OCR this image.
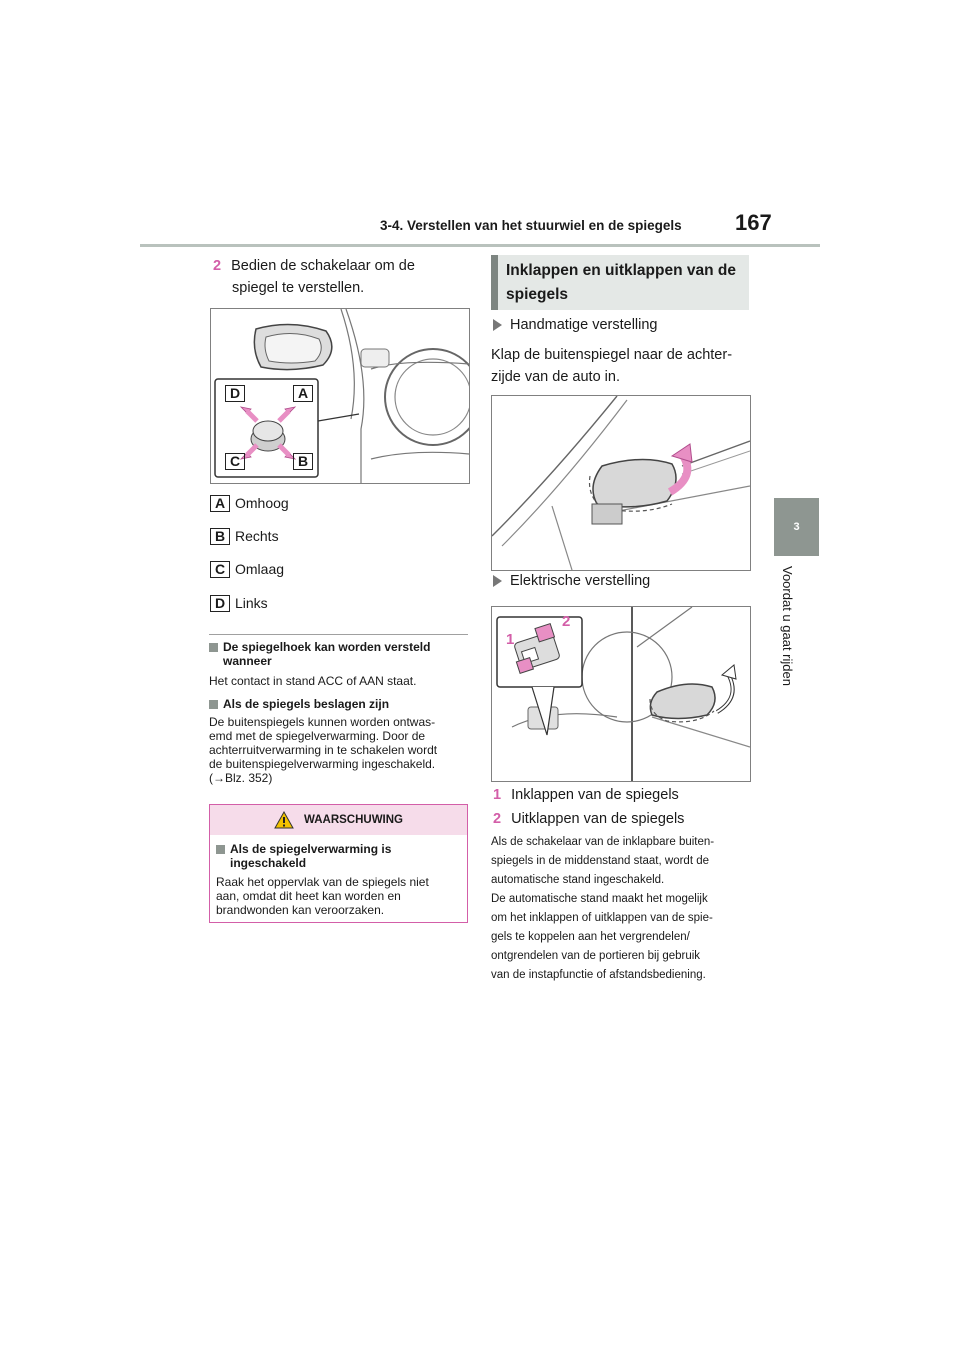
3-4. Verstellen van het stuurwiel en de spiegels 167
3
Voordat u gaat rijden
2 Bedien de schakelaar om de
spiegel te verstellen.
D	A
C	B
A Omhoog
B Rechts
C Omlaag
D Links
De spiegelhoek kan worden versteld
wanneer
Het contact in stand ACC of AAN staat.
Als de spiegels beslagen zijn
De buitenspiegels kunnen worden ontwas-
emd met de spiegelverwarming. Door de
achterruitverwarming in te schakelen wordt
de buitenspiegelverwarming ingeschakeld.
(→Blz. 352)
WAARSCHUWING
Als de spiegelverwarming is
ingeschakeld
Raak het oppervlak van de spiegels niet
aan, omdat dit heet kan worden en
brandwonden kan veroorzaken.
Inklappen en uitklappen van de
spiegels
Handmatige verstelling
Klap de buitenspiegel naar de achter-
zijde van de auto in.
Elektrische verstelling
1
2
1 Inklappen van de spiegels
2 Uitklappen van de spiegels
Als de schakelaar van de inklapbare buiten-
spiegels in de middenstand staat, wordt de
automatische stand ingeschakeld.
De automatische stand maakt het mogelijk
om het inklappen of uitklappen van de spie-
gels te koppelen aan het vergrendelen/
ontgrendelen van de portieren bij gebruik
van de instapfunctie of afstandsbediening.
